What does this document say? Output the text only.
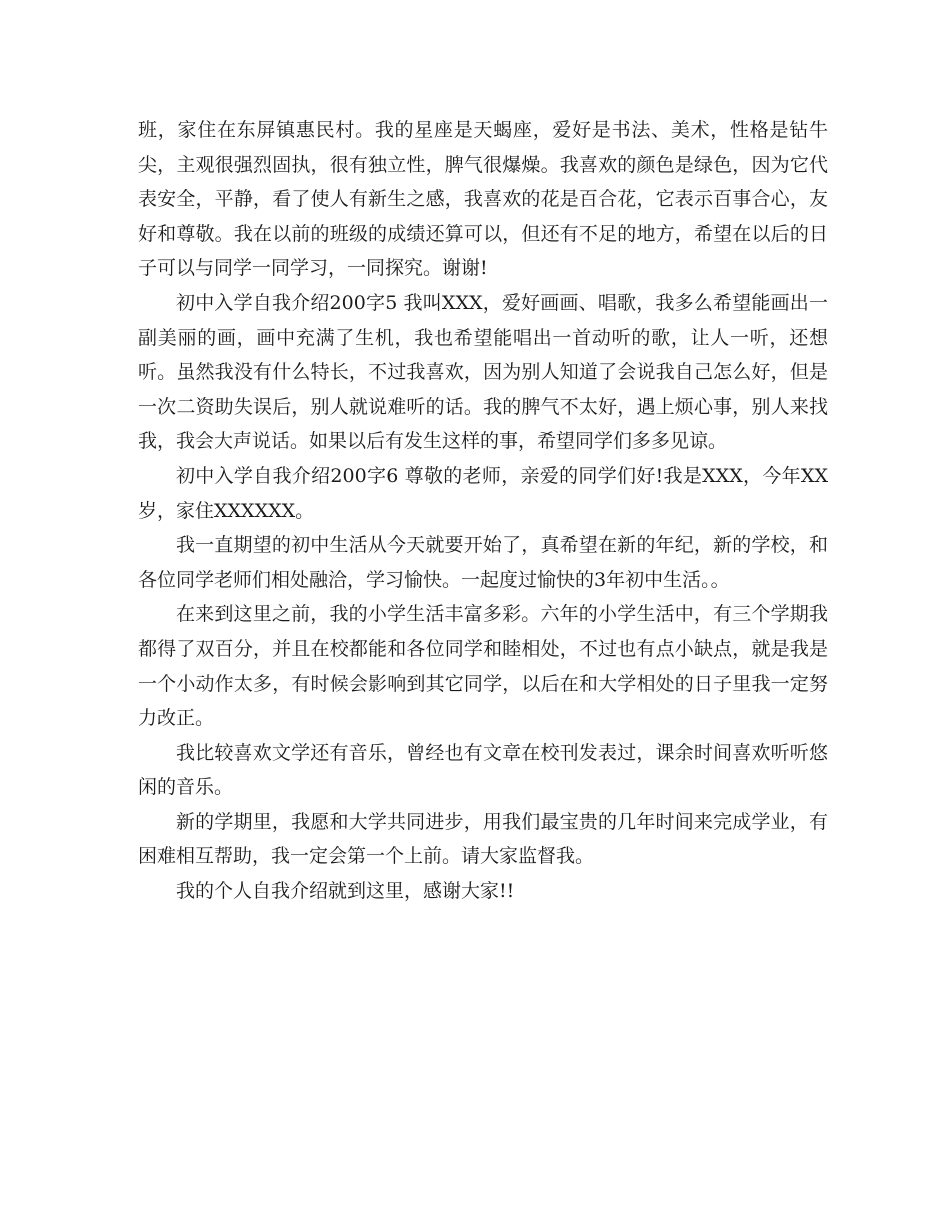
班，家住在东屏镇惠民村。我的星座是天蝎座，爱好是书法、美术，性格是钻牛尖，主观很强烈固执，很有独立性，脾气很爆燥。我喜欢的颜色是绿色，因为它代表安全，平静，看了使人有新生之感，我喜欢的花是百合花，它表示百事合心，友好和尊敬。我在以前的班级的成绩还算可以，但还有不足的地方，希望在以后的日子可以与同学一同学习，一同探究。谢谢!

初中入学自我介绍200字5 我叫XXX，爱好画画、唱歌，我多么希望能画出一副美丽的画，画中充满了生机，我也希望能唱出一首动听的歌，让人一听，还想听。虽然我没有什么特长，不过我喜欢，因为别人知道了会说我自己怎么好，但是一次二资助失误后，别人就说难听的话。我的脾气不太好，遇上烦心事，别人来找我，我会大声说话。如果以后有发生这样的事，希望同学们多多见谅。

初中入学自我介绍200字6 尊敬的老师，亲爱的同学们好!我是XXX，今年XX岁，家住XXXXXX。

我一直期望的初中生活从今天就要开始了，真希望在新的年纪，新的学校，和各位同学老师们相处融洽，学习愉快。一起度过愉快的3年初中生活。。

在来到这里之前，我的小学生活丰富多彩。六年的小学生活中，有三个学期我都得了双百分，并且在校都能和各位同学和睦相处，不过也有点小缺点，就是我是一个小动作太多，有时候会影响到其它同学，以后在和大学相处的日子里我一定努力改正。

我比较喜欢文学还有音乐，曾经也有文章在校刊发表过，课余时间喜欢听听悠闲的音乐。

新的学期里，我愿和大学共同进步，用我们最宝贵的几年时间来完成学业，有困难相互帮助，我一定会第一个上前。请大家监督我。

我的个人自我介绍就到这里，感谢大家!!
